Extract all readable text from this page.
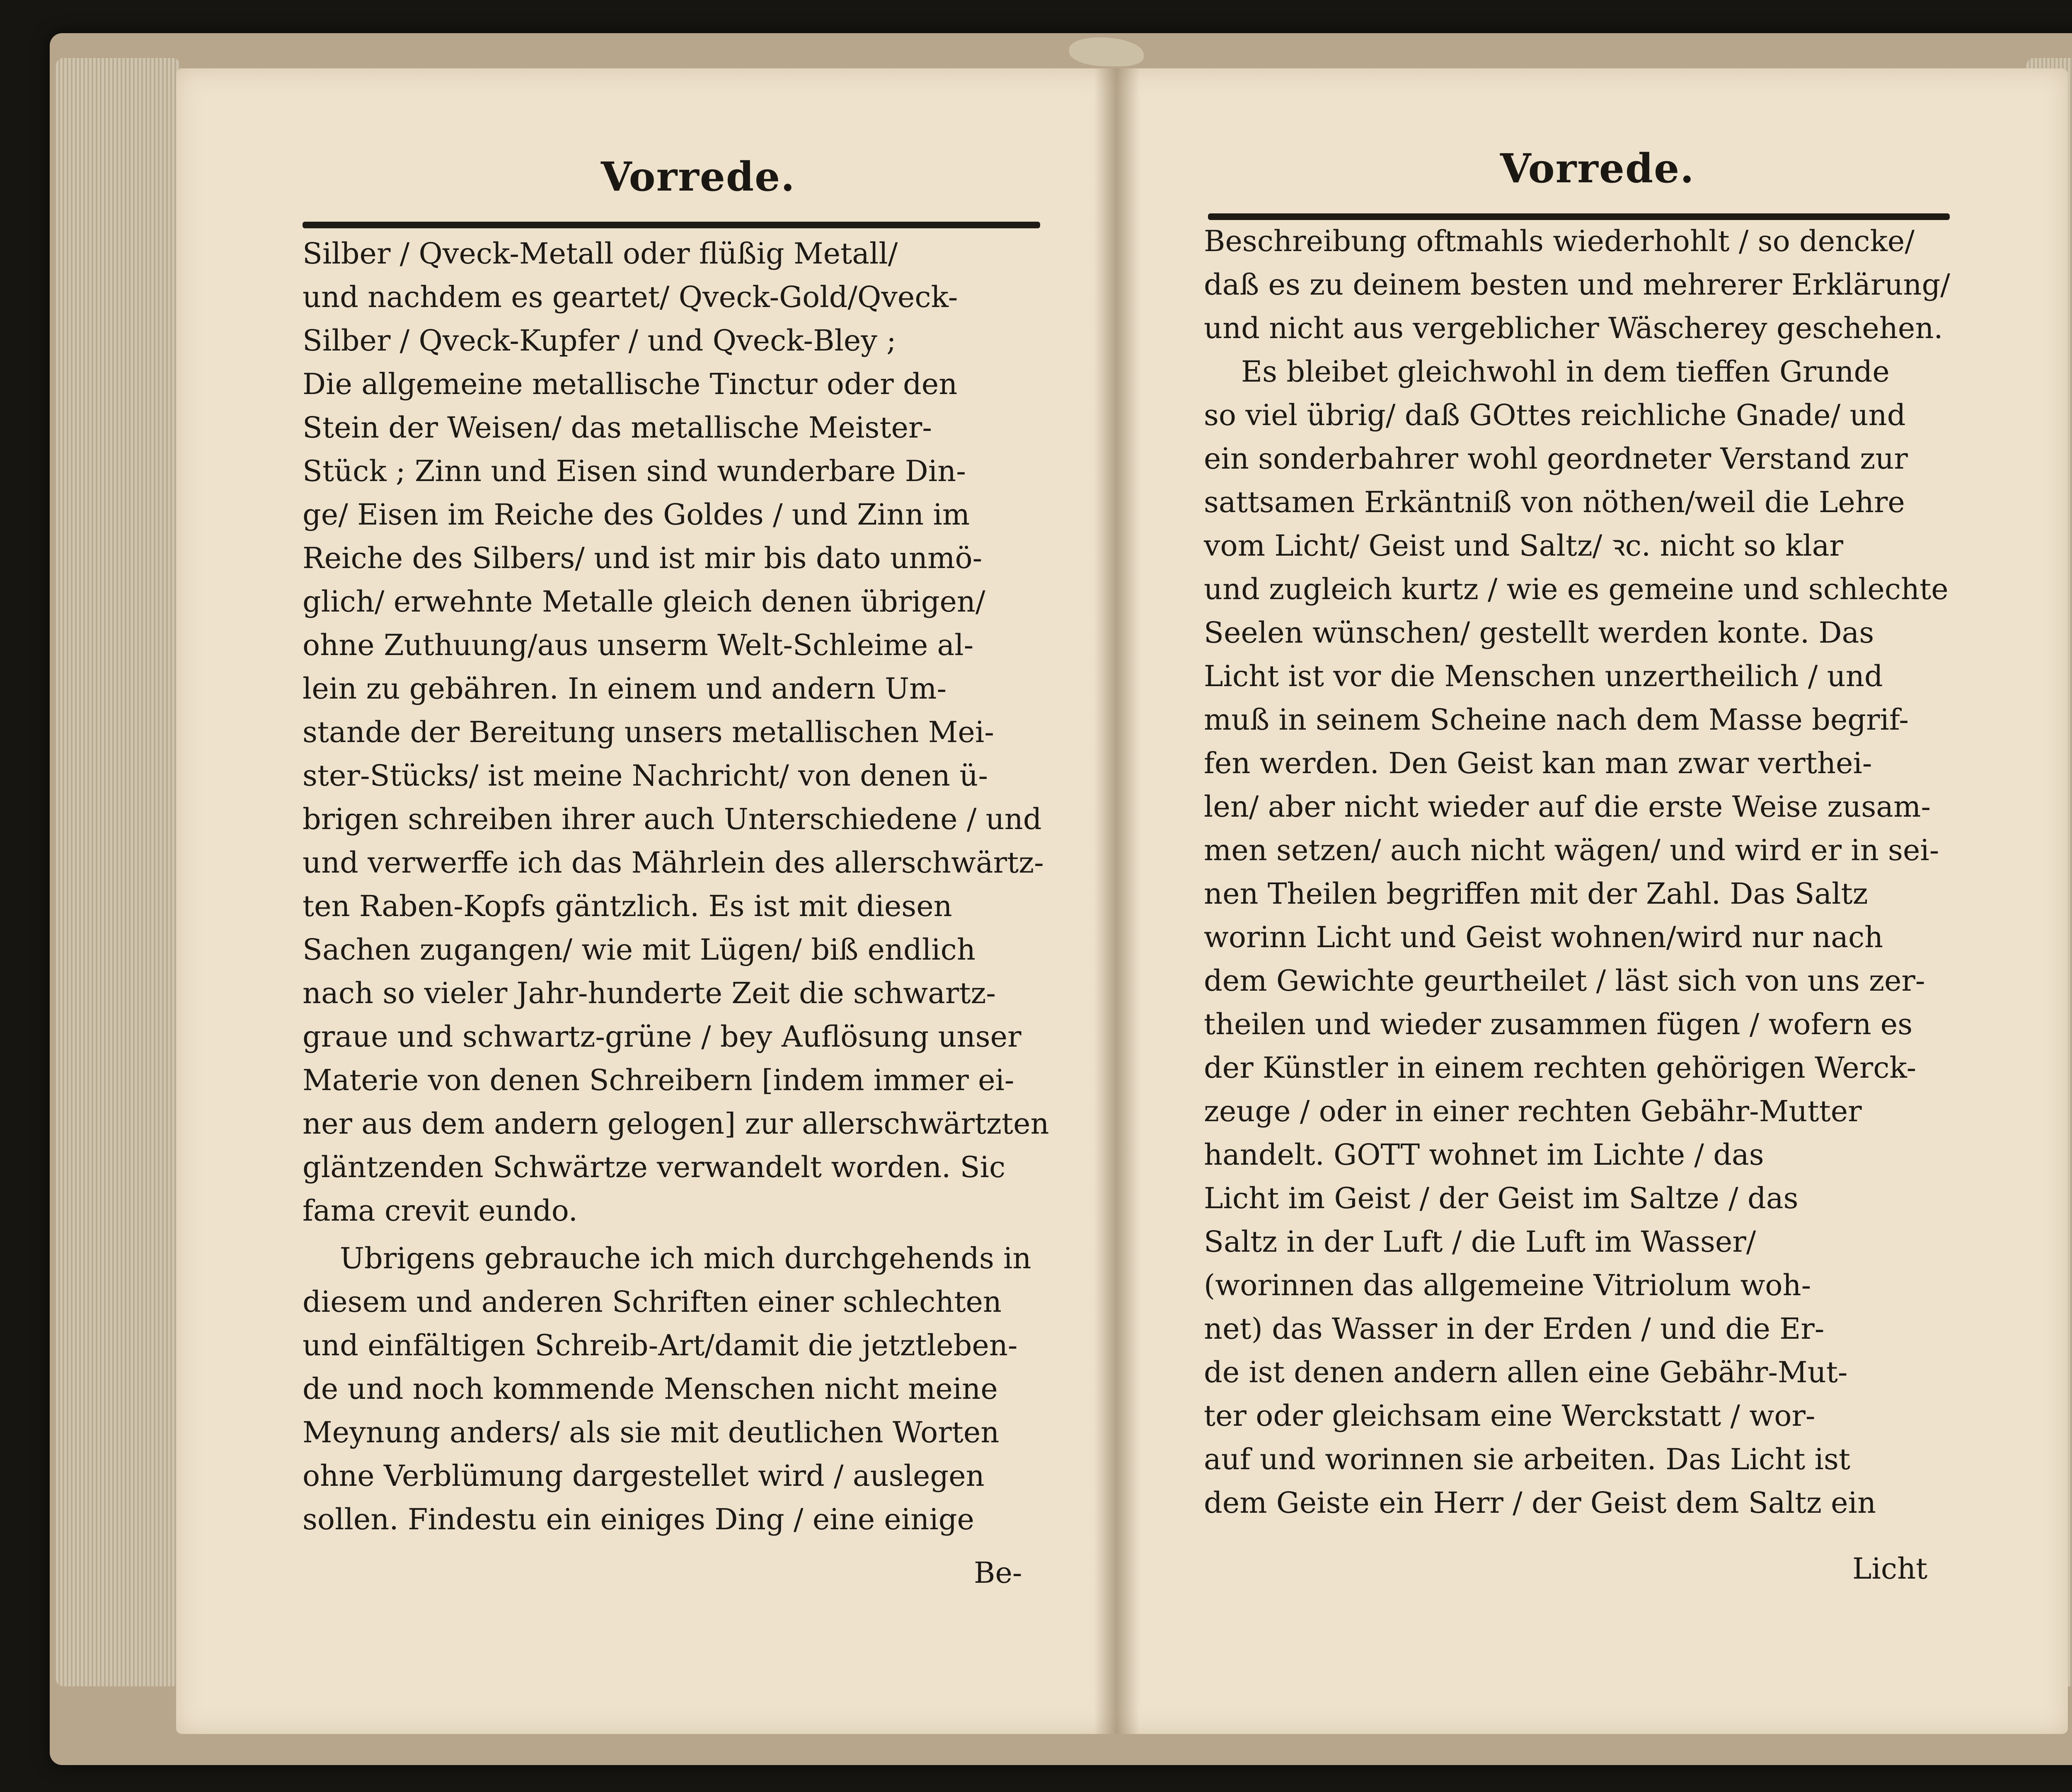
Vorrede.	Vorrede.
Silber / Qveck-Metall oder flüßig Metall/
und nachdem es geartet/ Qveck-Gold/Qveck-
Silber / Qveck-Kupfer / und Qveck-Bley ;
Die allgemeine metallische Tinctur oder den
Stein der Weisen/ das metallische Meister-
Stück ; Zinn und Eisen sind wunderbare Din-
ge/ Eisen im Reiche des Goldes / und Zinn im
Reiche des Silbers/ und ist mir bis dato unmö-
glich/ erwehnte Metalle gleich denen übrigen/
ohne Zuthuung/aus unserm Welt-Schleime al-
lein zu gebähren. In einem und andern Um-
stande der Bereitung unsers metallischen Mei-
ster-Stücks/ ist meine Nachricht/ von denen ü-
brigen schreiben ihrer auch Unterschiedene / und
und verwerffe ich das Mährlein des allerschwärtz-
ten Raben-Kopfs gäntzlich. Es ist mit diesen
Sachen zugangen/ wie mit Lügen/ biß endlich
nach so vieler Jahr-hunderte Zeit die schwartz-
graue und schwartz-grüne / bey Auflösung unser
Materie von denen Schreibern [indem immer ei-
ner aus dem andern gelogen] zur allerschwärtzten
gläntzenden Schwärtze verwandelt worden. Sic
fama crevit eundo.
Ubrigens gebrauche ich mich durchgehends in
diesem und anderen Schriften einer schlechten
und einfältigen Schreib-Art/damit die jetztleben-
de und noch kommende Menschen nicht meine
Meynung anders/ als sie mit deutlichen Worten
ohne Verblümung dargestellet wird / auslegen
sollen. Findestu ein einiges Ding / eine einige
Be-
Beschreibung oftmahls wiederhohlt / so dencke/
daß es zu deinem besten und mehrerer Erklärung/
und nicht aus vergeblicher Wäscherey geschehen.
Es bleibet gleichwohl in dem tieffen Grunde
so viel übrig/ daß GOttes reichliche Gnade/ und
ein sonderbahrer wohl geordneter Verstand zur
sattsamen Erkäntniß von nöthen/weil die Lehre
vom Licht/ Geist und Saltz/ ꝛc. nicht so klar
und zugleich kurtz / wie es gemeine und schlechte
Seelen wünschen/ gestellt werden konte. Das
Licht ist vor die Menschen unzertheilich / und
muß in seinem Scheine nach dem Masse begrif-
fen werden. Den Geist kan man zwar verthei-
len/ aber nicht wieder auf die erste Weise zusam-
men setzen/ auch nicht wägen/ und wird er in sei-
nen Theilen begriffen mit der Zahl. Das Saltz
worinn Licht und Geist wohnen/wird nur nach
dem Gewichte geurtheilet / läst sich von uns zer-
theilen und wieder zusammen fügen / wofern es
der Künstler in einem rechten gehörigen Werck-
zeuge / oder in einer rechten Gebähr-Mutter
handelt. GOTT wohnet im Lichte / das
Licht im Geist / der Geist im Saltze / das
Saltz in der Luft / die Luft im Wasser/
(worinnen das allgemeine Vitriolum woh-
net) das Wasser in der Erden / und die Er-
de ist denen andern allen eine Gebähr-Mut-
ter oder gleichsam eine Werckstatt / wor-
auf und worinnen sie arbeiten. Das Licht ist
dem Geiste ein Herr / der Geist dem Saltz ein
Licht
